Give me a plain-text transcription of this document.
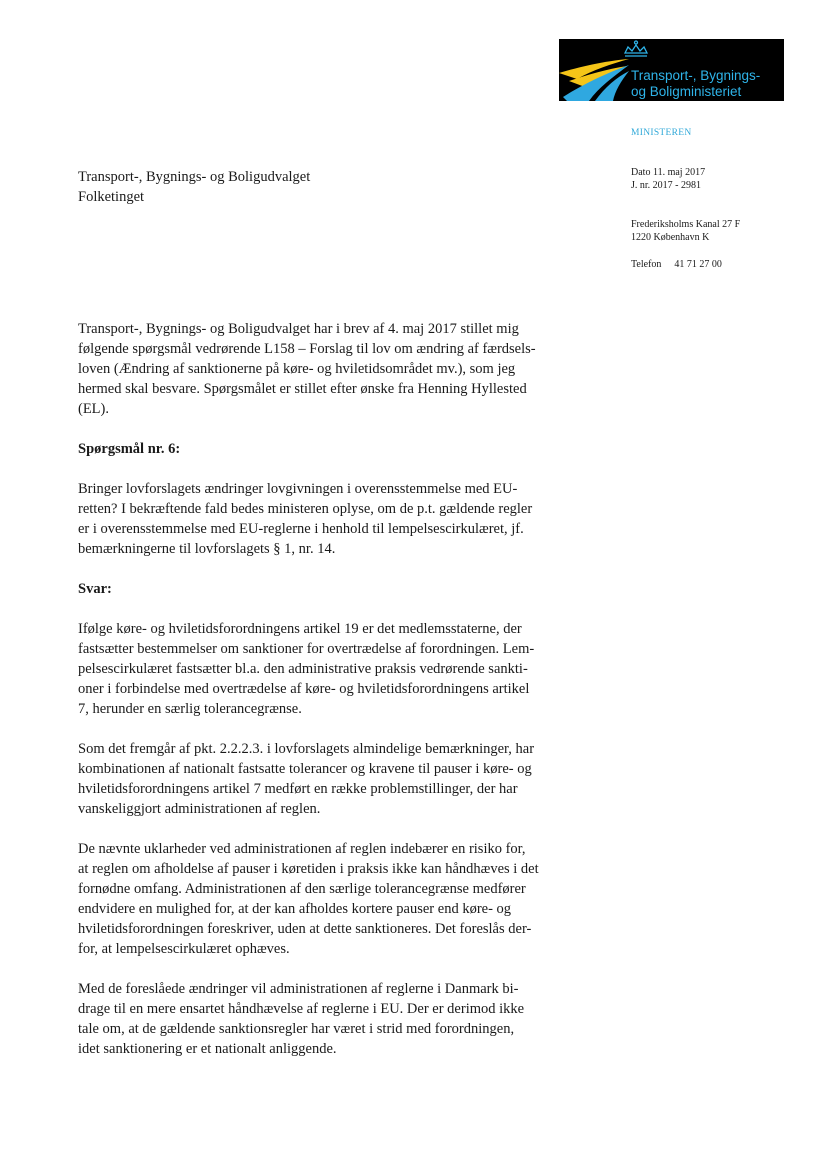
Transport-, Bygnings-
og Boligministeriet
MINISTEREN
Dato 11. maj 2017
J. nr. 2017 - 2981
Frederiksholms Kanal 27 F
1220 København K
Telefon 41 71 27 00
Transport-, Bygnings- og Boligudvalget
Folketinget

Transport-, Bygnings- og Boligudvalget har i brev af 4. maj 2017 stillet mig
følgende spørgsmål vedrørende L158 – Forslag til lov om ændring af færdsels-
loven (Ændring af sanktionerne på køre- og hviletidsområdet mv.), som jeg
hermed skal besvare. Spørgsmålet er stillet efter ønske fra Henning Hyllested
(EL).

Spørgsmål nr. 6:

Bringer lovforslagets ændringer lovgivningen i overensstemmelse med EU-
retten? I bekræftende fald bedes ministeren oplyse, om de p.t. gældende regler
er i overensstemmelse med EU-reglerne i henhold til lempelsescirkulæret, jf.
bemærkningerne til lovforslagets § 1, nr. 14.

Svar:

Ifølge køre- og hviletidsforordningens artikel 19 er det medlemsstaterne, der
fastsætter bestemmelser om sanktioner for overtrædelse af forordningen. Lem-
pelsescirkulæret fastsætter bl.a. den administrative praksis vedrørende sankti-
oner i forbindelse med overtrædelse af køre- og hviletidsforordningens artikel
7, herunder en særlig tolerancegrænse.

Som det fremgår af pkt. 2.2.2.3. i lovforslagets almindelige bemærkninger, har
kombinationen af nationalt fastsatte tolerancer og kravene til pauser i køre- og
hviletidsforordningens artikel 7 medført en række problemstillinger, der har
vanskeliggjort administrationen af reglen.

De nævnte uklarheder ved administrationen af reglen indebærer en risiko for,
at reglen om afholdelse af pauser i køretiden i praksis ikke kan håndhæves i det
fornødne omfang. Administrationen af den særlige tolerancegrænse medfører
endvidere en mulighed for, at der kan afholdes kortere pauser end køre- og
hviletidsforordningen foreskriver, uden at dette sanktioneres. Det foreslås der-
for, at lempelsescirkulæret ophæves.

Med de foreslåede ændringer vil administrationen af reglerne i Danmark bi-
drage til en mere ensartet håndhævelse af reglerne i EU. Der er derimod ikke
tale om, at de gældende sanktionsregler har været i strid med forordningen,
idet sanktionering er et nationalt anliggende.
